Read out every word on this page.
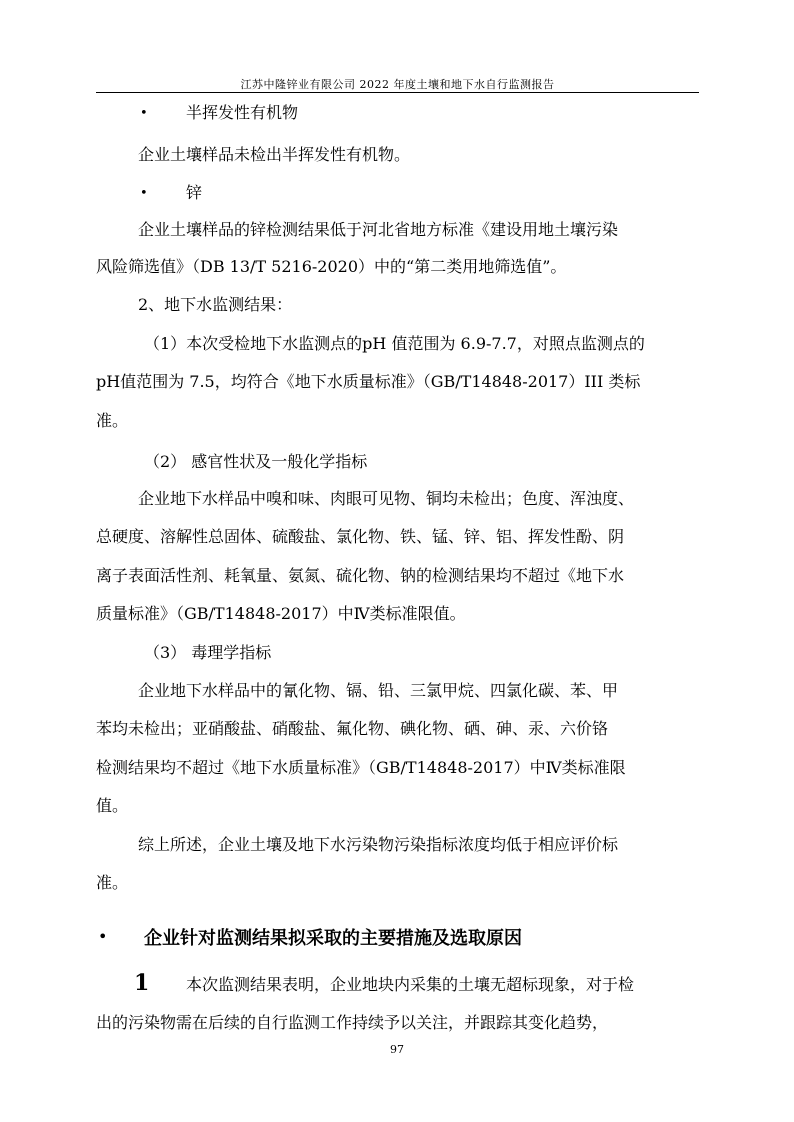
江苏中隆锌业有限公司 2022 年度土壤和地下水自行监测报告
• 半挥发性有机物
企业土壤样品未检出半挥发性有机物。
• 锌
企业土壤样品的锌检测结果低于河北省地方标准《建设用地土壤污染
风险筛选值》（DB 13/T 5216-2020）中的“第二类用地筛选值”。
2、地下水监测结果：
（1）本次受检地下水监测点的pH 值范围为 6.9-7.7，对照点监测点的
pH值范围为 7.5，均符合《地下水质量标准》（GB/T14848-2017）III 类标
准。
（2） 感官性状及一般化学指标
企业地下水样品中嗅和味、肉眼可见物、铜均未检出；色度、浑浊度、
总硬度、溶解性总固体、硫酸盐、氯化物、铁、锰、锌、铝、挥发性酚、阴
离子表面活性剂、耗氧量、氨氮、硫化物、钠的检测结果均不超过《地下水
质量标准》（GB/T14848-2017）中Ⅳ类标准限值。
（3） 毒理学指标
企业地下水样品中的氰化物、镉、铅、三氯甲烷、四氯化碳、苯、甲
苯均未检出；亚硝酸盐、硝酸盐、氟化物、碘化物、硒、砷、汞、六价铬
检测结果均不超过《地下水质量标准》（GB/T14848-2017）中Ⅳ类标准限
值。
综上所述，企业土壤及地下水污染物污染指标浓度均低于相应评价标
准。
• 企业针对监测结果拟采取的主要措施及选取原因
1 本次监测结果表明，企业地块内采集的土壤无超标现象，对于检
出的污染物需在后续的自行监测工作持续予以关注，并跟踪其变化趋势，
97
